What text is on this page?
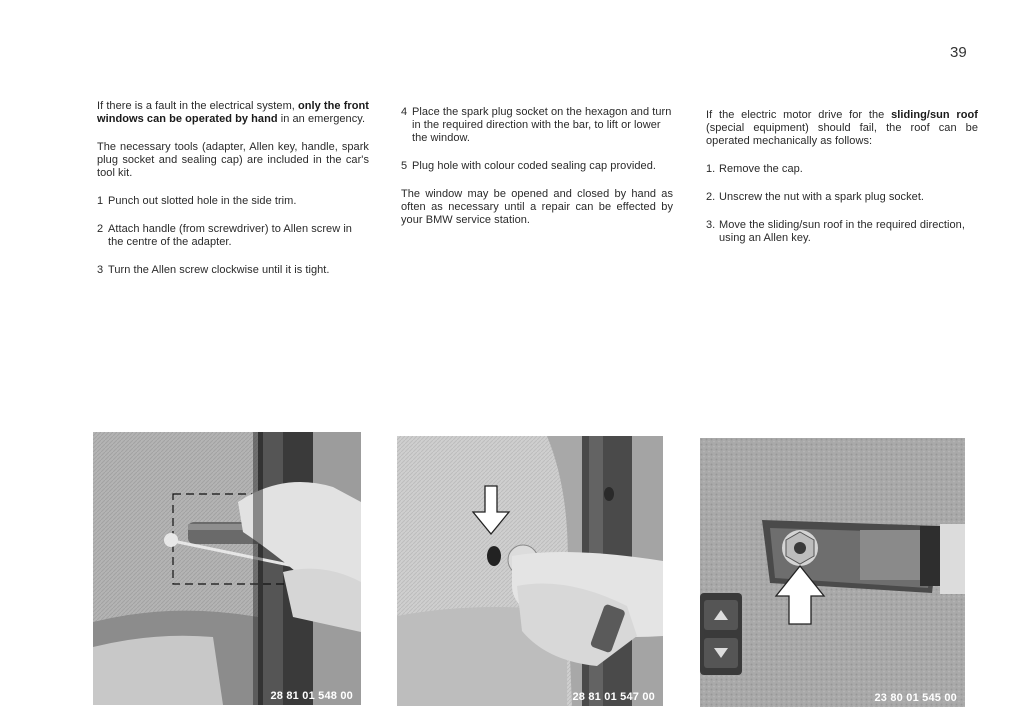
39

If there is a fault in the electrical system, only the front windows can be operated by hand in an emergency.

The necessary tools (adapter, Allen key, handle, spark plug socket and sealing cap) are included in the car's tool kit.

1 Punch out slotted hole in the side trim.
2 Attach handle (from screwdriver) to Allen screw in the centre of the adapter.
3 Turn the Allen screw clockwise until it is tight.
4 Place the spark plug socket on the hexagon and turn in the required direction with the bar, to lift or lower the window.
5 Plug hole with colour coded sealing cap provided.

The window may be opened and closed by hand as often as necessary until a repair can be effected by your BMW service station.

If the electric motor drive for the sliding/sun roof (special equipment) should fail, the roof can be operated mechanically as follows:

1. Remove the cap.
2. Unscrew the nut with a spark plug socket.
3. Move the sliding/sun roof in the required direction, using an Allen key.
28 81 01 548 00	28 81 01 547 00	23 80 01 545 00
